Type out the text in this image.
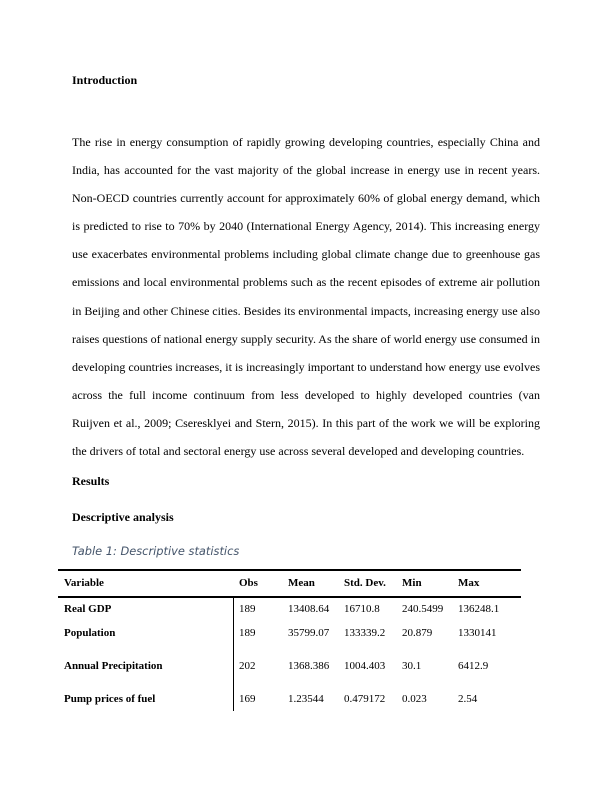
Introduction
The rise in energy consumption of rapidly growing developing countries, especially China and India, has accounted for the vast majority of the global increase in energy use in recent years. Non-OECD countries currently account for approximately 60% of global energy demand, which is predicted to rise to 70% by 2040 (International Energy Agency, 2014). This increasing energy use exacerbates environmental problems including global climate change due to greenhouse gas emissions and local environmental problems such as the recent episodes of extreme air pollution in Beijing and other Chinese cities. Besides its environmental impacts, increasing energy use also raises questions of national energy supply security. As the share of world energy use consumed in developing countries increases, it is increasingly important to understand how energy use evolves across the full income continuum from less developed to highly developed countries (van Ruijven et al., 2009; Cseresklyei and Stern, 2015). In this part of the work we will be exploring the drivers of total and sectoral energy use across several developed and developing countries.
Results
Descriptive analysis
Table 1: Descriptive statistics
Variable	Obs	Mean	Std. Dev. Min	Max
Real GDP	189	13408.64 16710.8 240.5499 136248.1
Population	189	35799.07 133339.2 20.879 1330141
Annual Precipitation	202	1368.386 1004.403 30.1	6412.9
Pump prices of fuel	169	1.23544 0.479172 0.023	2.54
